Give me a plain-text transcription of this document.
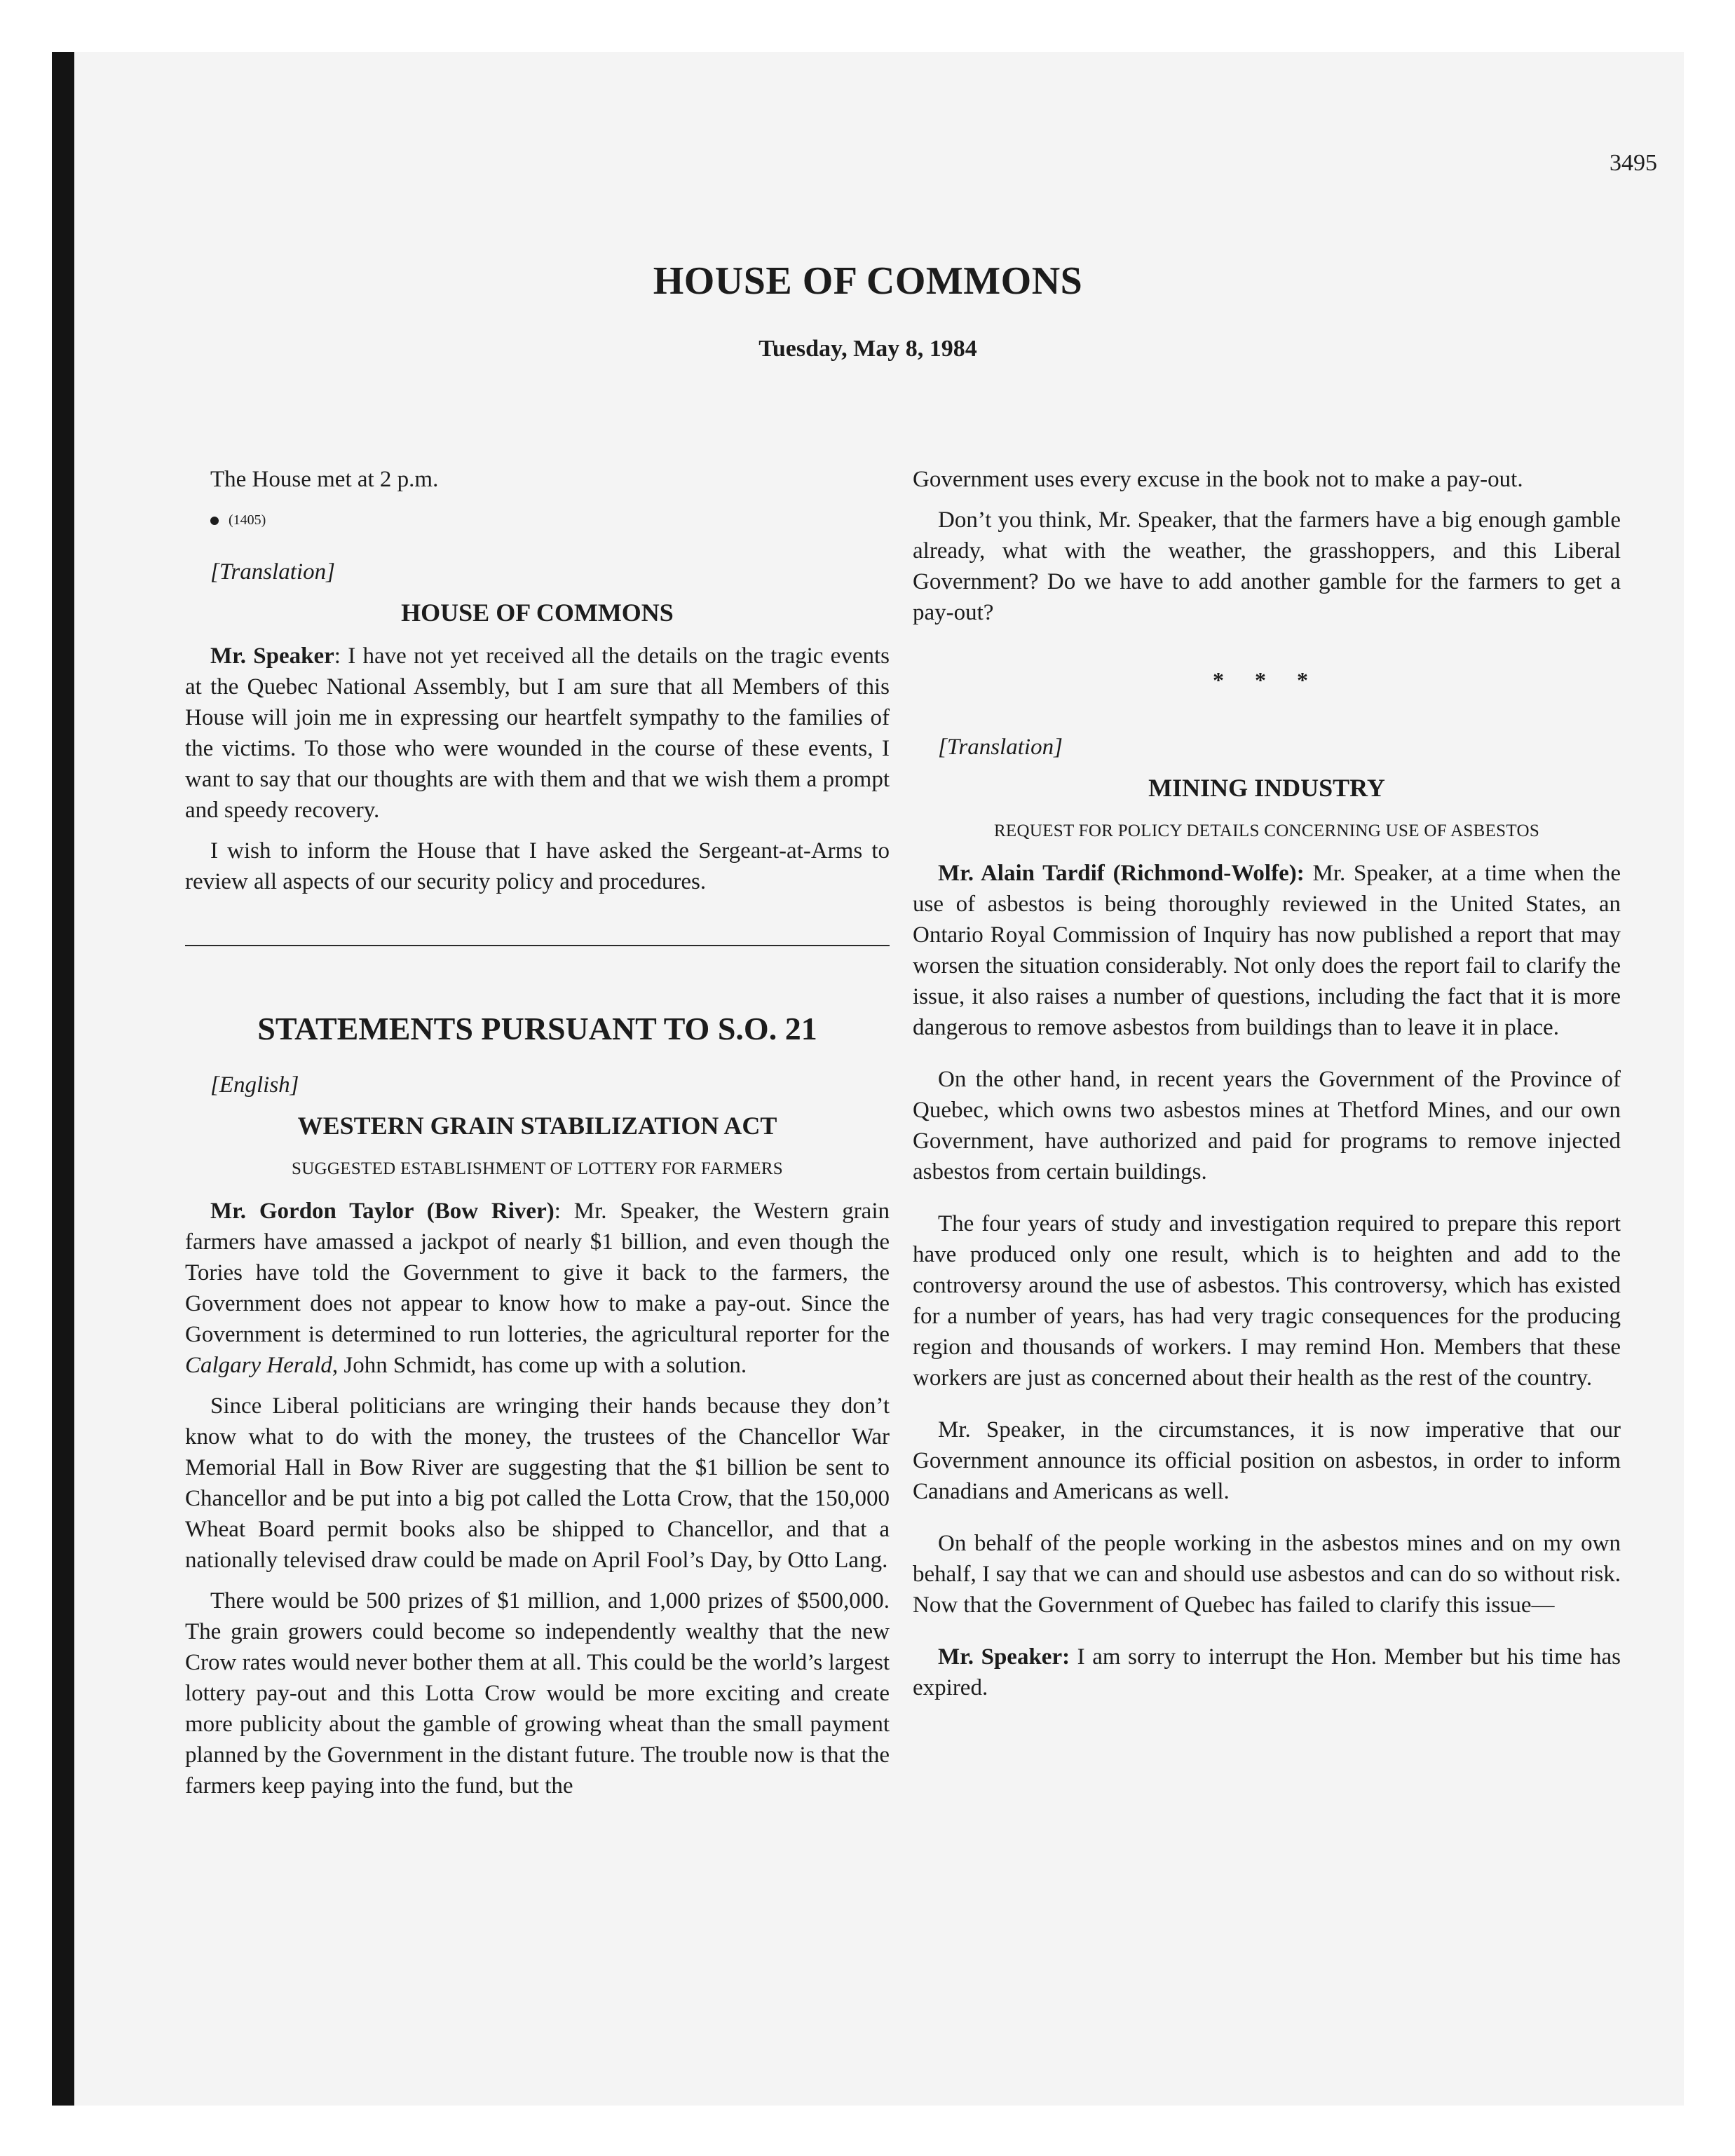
3495
HOUSE OF COMMONS
Tuesday, May 8, 1984

The House met at 2 p.m.

(1405)

[Translation]

HOUSE OF COMMONS

Mr. Speaker: I have not yet received all the details on the tragic events at the Quebec National Assembly, but I am sure that all Members of this House will join me in expressing our heartfelt sympathy to the families of the victims. To those who were wounded in the course of these events, I want to say that our thoughts are with them and that we wish them a prompt and speedy recovery.

I wish to inform the House that I have asked the Sergeant-at-Arms to review all aspects of our security policy and procedures.

STATEMENTS PURSUANT TO S.O. 21

[English]

WESTERN GRAIN STABILIZATION ACT
SUGGESTED ESTABLISHMENT OF LOTTERY FOR FARMERS

Mr. Gordon Taylor (Bow River): Mr. Speaker, the Western grain farmers have amassed a jackpot of nearly $1 billion, and even though the Tories have told the Government to give it back to the farmers, the Government does not appear to know how to make a pay-out. Since the Government is determined to run lotteries, the agricultural reporter for the Calgary Herald, John Schmidt, has come up with a solution.

Since Liberal politicians are wringing their hands because they don’t know what to do with the money, the trustees of the Chancellor War Memorial Hall in Bow River are suggesting that the $1 billion be sent to Chancellor and be put into a big pot called the Lotta Crow, that the 150,000 Wheat Board permit books also be shipped to Chancellor, and that a nationally televised draw could be made on April Fool’s Day, by Otto Lang.

There would be 500 prizes of $1 million, and 1,000 prizes of $500,000. The grain growers could become so independently wealthy that the new Crow rates would never bother them at all. This could be the world’s largest lottery pay-out and this Lotta Crow would be more exciting and create more publicity about the gamble of growing wheat than the small payment planned by the Government in the distant future. The trouble now is that the farmers keep paying into the fund, but the

Government uses every excuse in the book not to make a pay-out.

Don’t you think, Mr. Speaker, that the farmers have a big enough gamble already, what with the weather, the grasshoppers, and this Liberal Government? Do we have to add another gamble for the farmers to get a pay-out?

* * *

[Translation]

MINING INDUSTRY
REQUEST FOR POLICY DETAILS CONCERNING USE OF ASBESTOS

Mr. Alain Tardif (Richmond-Wolfe): Mr. Speaker, at a time when the use of asbestos is being thoroughly reviewed in the United States, an Ontario Royal Commission of Inquiry has now published a report that may worsen the situation considerably. Not only does the report fail to clarify the issue, it also raises a number of questions, including the fact that it is more dangerous to remove asbestos from buildings than to leave it in place.

On the other hand, in recent years the Government of the Province of Quebec, which owns two asbestos mines at Thetford Mines, and our own Government, have authorized and paid for programs to remove injected asbestos from certain buildings.

The four years of study and investigation required to prepare this report have produced only one result, which is to heighten and add to the controversy around the use of asbestos. This controversy, which has existed for a number of years, has had very tragic consequences for the producing region and thousands of workers. I may remind Hon. Members that these workers are just as concerned about their health as the rest of the country.

Mr. Speaker, in the circumstances, it is now imperative that our Government announce its official position on asbestos, in order to inform Canadians and Americans as well.

On behalf of the people working in the asbestos mines and on my own behalf, I say that we can and should use asbestos and can do so without risk. Now that the Government of Quebec has failed to clarify this issue—

Mr. Speaker: I am sorry to interrupt the Hon. Member but his time has expired.
